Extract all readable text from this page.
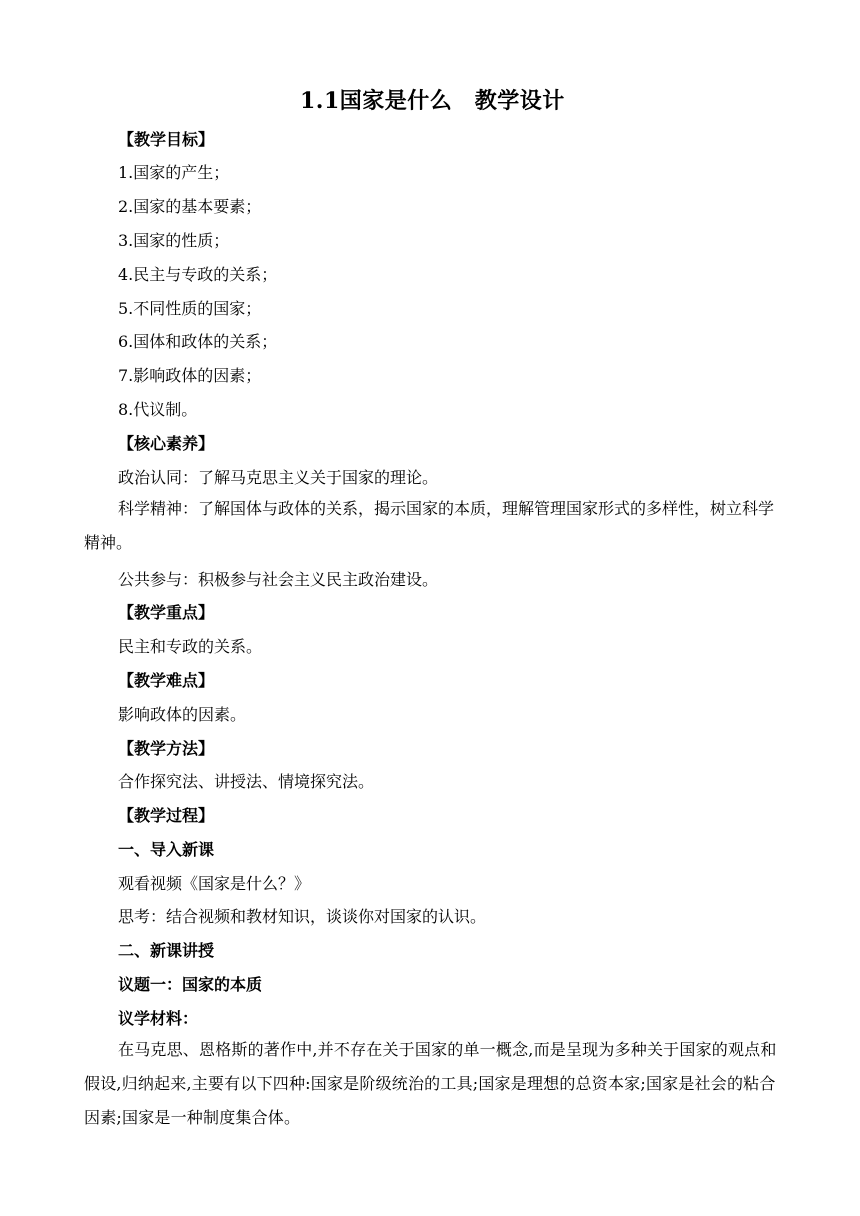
1.1国家是什么　教学设计
【教学目标】
1.国家的产生；
2.国家的基本要素；
3.国家的性质；
4.民主与专政的关系；
5.不同性质的国家；
6.国体和政体的关系；
7.影响政体的因素；
8.代议制。
【核心素养】
政治认同：了解马克思主义关于国家的理论。
科学精神：了解国体与政体的关系，揭示国家的本质，理解管理国家形式的多样性，树立科学精神。
公共参与：积极参与社会主义民主政治建设。
【教学重点】
民主和专政的关系。
【教学难点】
影响政体的因素。
【教学方法】
合作探究法、讲授法、情境探究法。
【教学过程】
一、导入新课
观看视频《国家是什么？》
思考：结合视频和教材知识，谈谈你对国家的认识。
二、新课讲授
议题一：国家的本质
议学材料：
在马克思、恩格斯的著作中,并不存在关于国家的单一概念,而是呈现为多种关于国家的观点和假设,归纳起来,主要有以下四种:国家是阶级统治的工具;国家是理想的总资本家;国家是社会的粘合因素;国家是一种制度集合体。
